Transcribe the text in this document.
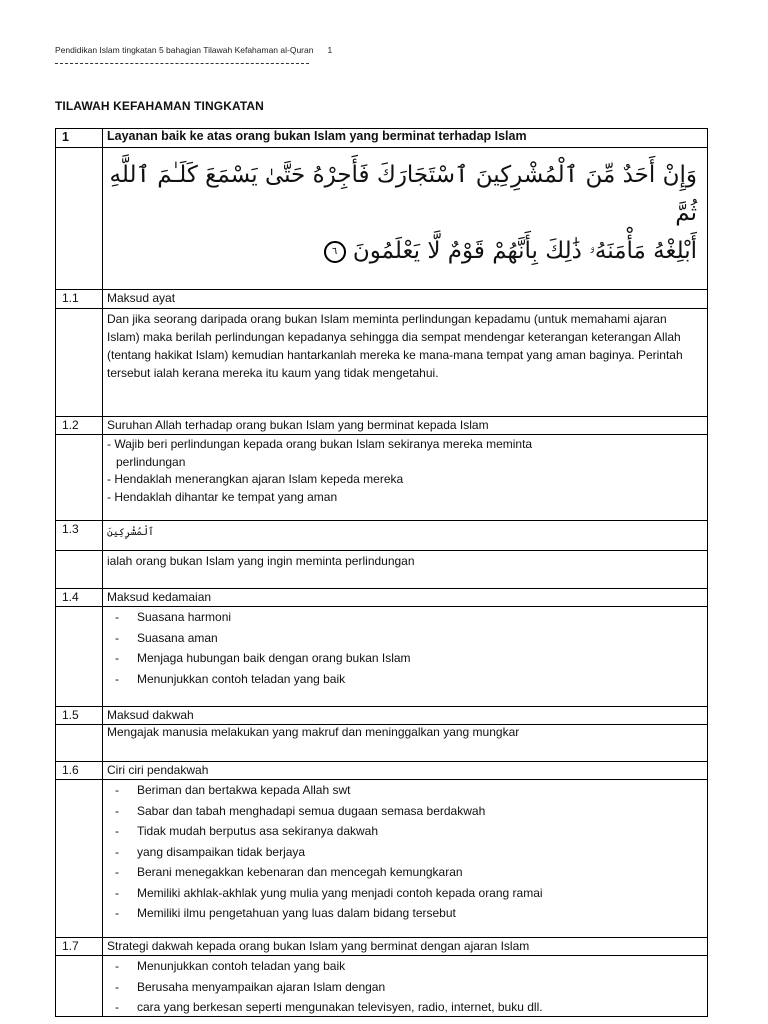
Pendidikan Islam tingkatan 5 bahagian Tilawah Kefahaman al-Quran 1
TILAWAH KEFAHAMAN TINGKATAN
1	Layanan baik ke atas orang bukan Islam yang berminat terhadap Islam
وَإِنْ أَحَدٌ مِّنَ ٱلْمُشْرِكِينَ ٱسْتَجَارَكَ فَأَجِرْهُ حَتَّىٰ يَسْمَعَ كَلَـٰمَ ٱللَّهِ ثُمَّ
أَبْلِغْهُ مَأْمَنَهُۥ ذَٰلِكَ بِأَنَّهُمْ قَوْمٌ لَّا يَعْلَمُونَ ٦
1.1	Maksud ayat
Dan jika seorang daripada orang bukan Islam meminta perlindungan kepadamu (untuk memahami ajaran Islam) maka berilah perlindungan kepadanya sehingga dia sempat mendengar keterangan keterangan Allah (tentang hakikat Islam) kemudian hantarkanlah mereka ke mana-mana tempat yang aman baginya. Perintah tersebut ialah kerana mereka itu kaum yang tidak mengetahui.
1.2	Suruhan Allah terhadap orang bukan Islam yang berminat kepada Islam
- Wajib beri perlindungan kepada orang bukan Islam sekiranya mereka meminta
perlindungan
- Hendaklah menerangkan ajaran Islam kepeda mereka
- Hendaklah dihantar ke tempat yang aman
1.3	ٱلْمُشْرِكِينَ
ialah orang bukan Islam yang ingin meminta perlindungan
1.4	Maksud kedamaian
- Suasana harmoni
- Suasana aman
- Menjaga hubungan baik dengan orang bukan Islam
- Menunjukkan contoh teladan yang baik
1.5	Maksud dakwah
Mengajak manusia melakukan yang makruf dan meninggalkan yang mungkar
1.6	Ciri ciri pendakwah
- Beriman dan bertakwa kepada Allah swt
- Sabar dan tabah menghadapi semua dugaan semasa berdakwah
- Tidak mudah berputus asa sekiranya dakwah
- yang disampaikan tidak berjaya
- Berani menegakkan kebenaran dan mencegah kemungkaran
- Memiliki akhlak-akhlak yung mulia yang menjadi contoh kepada orang ramai
- Memiliki ilmu pengetahuan yang luas dalam bidang tersebut
1.7	Strategi dakwah kepada orang bukan Islam yang berminat dengan ajaran Islam
- Menunjukkan contoh teladan yang baik
- Berusaha menyampaikan ajaran Islam dengan
- cara yang berkesan seperti mengunakan televisyen, radio, internet, buku dll.
